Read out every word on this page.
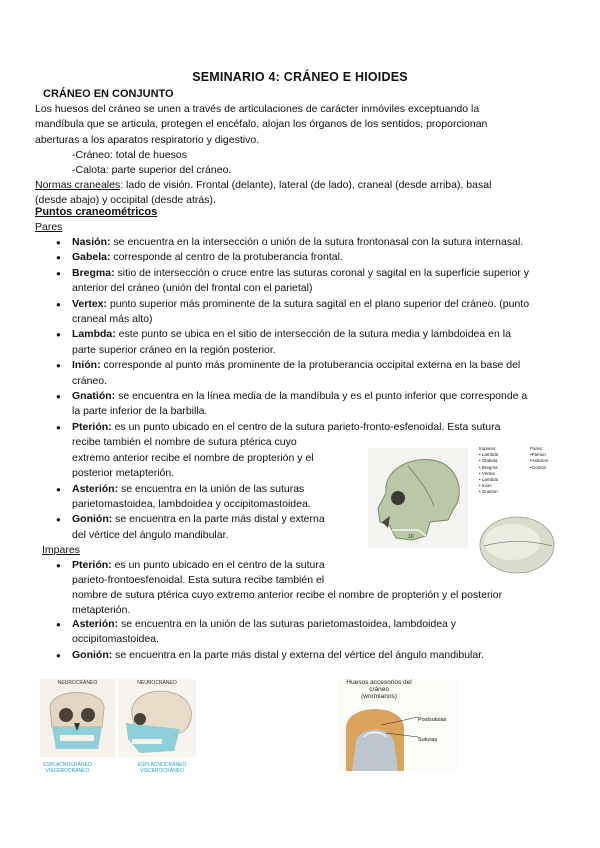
SEMINARIO 4: CRÁNEO E HIOIDES
CRÁNEO EN CONJUNTO
Los huesos del cráneo se unen a través de articulaciones de carácter inmóviles exceptuando la
mandíbula que se articula, protegen el encéfalo, alojan los órganos de los sentidos, proporcionan
aberturas a los aparatos respiratorio y digestivo.
-Cráneo: total de huesos
-Calota: parte superior del cráneo.
Normas craneales: lado de visión. Frontal (delante), lateral (de lado), craneal (desde arriba), basal
(desde abajo) y occipital (desde atrás).
Puntos craneométricos
Pares
● Nasión: se encuentra en la intersección o unión de la sutura frontonasal con la sutura internasal.
● Gabela: corresponde al centro de la protuberancia frontal.
● Bregma: sitio de intersección o cruce entre las suturas coronal y sagital en la superficie superior y
anterior del cráneo (unión del frontal con el parietal)
● Vertex: punto superior más prominente de la sutura sagital en el plano superior del cráneo. (punto
craneal más alto)
● Lambda: este punto se ubica en el sitio de intersección de la sutura media y lambdoidea en la
parte superior cráneo en la región posterior.
● Inión: corresponde al punto más prominente de la protuberancia occipital externa en la base del
cráneo.
● Gnatión: se encuentra en la línea media de la mandíbula y es el punto inferior que corresponde a
la parte inferior de la barbilla.
● Pterión: es un punto ubicado en el centro de la sutura parieto-fronto-esfenoidal. Esta sutura
recibe también el nombre de sutura ptérica cuyo
extremo anterior recibe el nombre de propterión y el
posterior metapterión.
● Asterión: se encuentra en la unión de las suturas
parietomastoidea, lambdoidea y occipitomastoidea.
● Gonión: se encuentra en la parte más distal y externa
del vértice del ángulo mandibular.	10
Impares:
• Lambda
• Glabela
• Bregma
• Vértex
• Lambda
• Inion
• Gnation
Pares:
•Pterion
•Asterion
•Gonion
Impares
● Pterión: es un punto ubicado en el centro de la sutura
parieto-frontoesfenoidal. Esta sutura recibe también el
nombre de sutura ptérica cuyo extremo anterior recibe el nombre de propterión y el posterior
metapterión.
● Asterión: se encuentra en la unión de las suturas parietomastoidea, lambdoidea y
occipitomastoidea.
● Gonión: se encuentra en la parte más distal y externa del vértice del ángulo mandibular.
NEUROCRÁNEO
ESPLACNOCRÁNEO VISCEROCRÁNEO
NEUROCRÁNEO
ESPLACNOCRÁNEO VISCEROCRÁNEO
Huesos accesorios del cráneo
(wormianos)
Postsutulas
Suturas
